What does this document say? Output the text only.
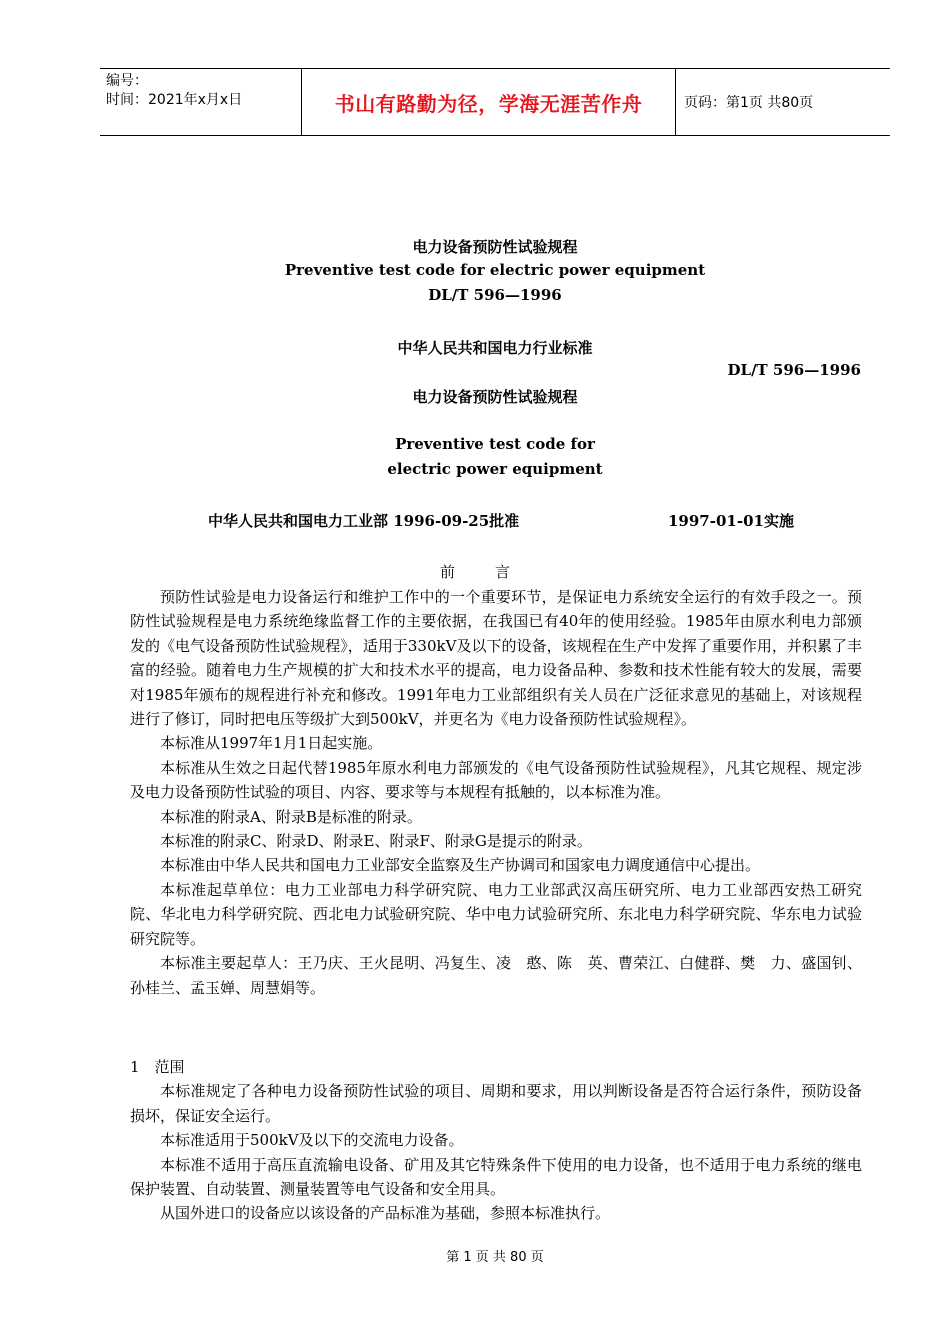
编号：
时间：2021年x月x日	书山有路勤为径，学海无涯苦作舟	页码：第1页 共80页
电力设备预防性试验规程
Preventive test code for electric power equipment
DL/T 596—1996
中华人民共和国电力行业标准
DL/T 596—1996
电力设备预防性试验规程
Preventive test code for
electric power equipment
中华人民共和国电力工业部 1996-09-25批准	1997-01-01实施
前言

预防性试验是电力设备运行和维护工作中的一个重要环节，是保证电力系统安全运行的有效手段之一。预防性试验规程是电力系统绝缘监督工作的主要依据，在我国已有40年的使用经验。1985年由原水利电力部颁发的《电气设备预防性试验规程》，适用于330kV及以下的设备，该规程在生产中发挥了重要作用，并积累了丰富的经验。随着电力生产规模的扩大和技术水平的提高，电力设备品种、参数和技术性能有较大的发展，需要对1985年颁布的规程进行补充和修改。1991年电力工业部组织有关人员在广泛征求意见的基础上，对该规程进行了修订，同时把电压等级扩大到500kV，并更名为《电力设备预防性试验规程》。

本标准从1997年1月1日起实施。

本标准从生效之日起代替1985年原水利电力部颁发的《电气设备预防性试验规程》，凡其它规程、规定涉及电力设备预防性试验的项目、内容、要求等与本规程有抵触的，以本标准为准。

本标准的附录A、附录B是标准的附录。

本标准的附录C、附录D、附录E、附录F、附录G是提示的附录。

本标准由中华人民共和国电力工业部安全监察及生产协调司和国家电力调度通信中心提出。

本标准起草单位：电力工业部电力科学研究院、电力工业部武汉高压研究所、电力工业部西安热工研究院、华北电力科学研究院、西北电力试验研究院、华中电力试验研究所、东北电力科学研究院、华东电力试验研究院等。

本标准主要起草人：王乃庆、王火昆明、冯复生、凌　憨、陈　英、曹荣江、白健群、樊　力、盛国钊、孙桂兰、孟玉婵、周慧娟等。

1　范围

本标准规定了各种电力设备预防性试验的项目、周期和要求，用以判断设备是否符合运行条件，预防设备损坏，保证安全运行。

本标准适用于500kV及以下的交流电力设备。

本标准不适用于高压直流输电设备、矿用及其它特殊条件下使用的电力设备，也不适用于电力系统的继电保护装置、自动装置、测量装置等电气设备和安全用具。

从国外进口的设备应以该设备的产品标准为基础，参照本标准执行。

第 1 页 共 80 页
